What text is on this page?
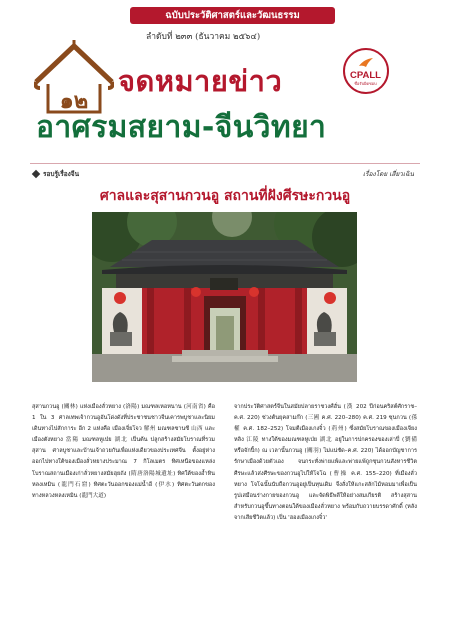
ฉบับประวัติศาสตร์และวัฒนธรรม
ลำดับที่ ๒๓๓ (ธันวาคม ๒๕๖๔)
๑๒
จดหมายข่าว
อาศรมสยาม-จีนวิทยา
CPALL
ชื่อรับผิดชอบ
รอบรู้เรื่องจีน	เรื่องโดย เสี่ยวเฉิน
ศาลและสุสานกวนอู สถานที่ฝังศีรษะกวนอู
สุสานกวนอู (關林) แห่งเมืองลั่วหยาง (洛陽) มณฑลเหอหนาน (河南省) คือ 1 ใน 3 ศาลเทพเจ้ากวนอูอันโด่งดังที่ประชาชนชาวจีนเคารพบูชาและนิยมเดินทางไปสักการะ อีก 2 แห่งคือ เมืองเจี่ยโจว 解州 มณฑลซานซี 山西 และเมืองตังหยาง 當陽 มณฑลหูเป่ย 湖北 เป็นต้น ปลูกสร้างสมัยโบราณที่รวมสุสาน ศาลบูชาและบ้านเจ้าถวยกันเพื่อแห่งเดียวของประเทศจีน ตั้งอยู่ห่างออกไปทางใต้ของเมืองลั่วหยางประมาณ 7 กิโลเมตร ทิศเหนือของแหล่งโบราณสถานเมืองเก่าลั่วหยางสมัยฮุยถัง (隋唐洛陽城遺址) ทิศใต้ของอ้ำหินหลงเหมิน (龍門石窟) ทิศตะวันออกของแม่น้ำอี (伊水) ทิศตะวันตกของทางหลวงหลงเหมิน (龍門大道)
จากประวัติศาสตร์จีนในสมัยปลายราชวงศ์ฮั่น (漢 202 ปีก่อนคริสต์ศักราช–ค.ศ. 220) ช่วงต้นยุคสามก๊ก (三國 ค.ศ. 220–280) ค.ศ. 219 ซุนกวน (孫權 ค.ศ. 182–252) โจมตีเมืองเกงจิ๋ว (荊州) ซึ่งสมัยโบราณของเมืองเจียงหลิง 江陵 ทางใต้ของมณฑลหูเป่ย 湖北 อยู่ในการปกครองของเล่าปี่ (劉備 หรือจักปิ้ก) ณ เวลานั้นกวนอู (關羽) ไม่แน่ชัด–ค.ศ. 220) ได้ออกบัญชาการรักษาเมืองด้วยตัวเอง จนกระทั่งพ่ายแพ้และพ่ายแพ้ถูกซุนกวนสังหารชีวิตศีรษะแล้วส่งศีรษะของกวนอูไปให้โจโฉ (曹操 ค.ศ. 155–220) ที่เมืองลั่วหยาง โจโฉนั้นนับถือกวนอูอยู่เป็นทุนเดิม จึงสั่งให้แกะสลักไม้หอมมาเพื่อเป็นรูปเสมือนร่างกายของกวนอู และจัดพิธีพลีให้อย่างสมเกียรติ สร้างสุสานสำหรับกวนอูขึ้นทางตอนใต้ของเมืองลั่วหยาง พร้อมกับถวายบรรดาศักดิ์ (หลังจากเสียชีวิตแล้ว) เป็น 'ฮองเมืองเกงจิ๋ว'
